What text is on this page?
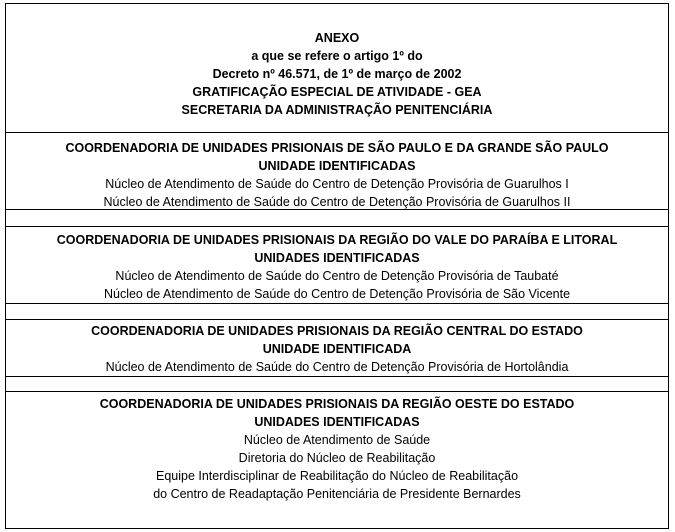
ANEXO
a que se refere o artigo 1º do
Decreto nº 46.571, de 1º de março de 2002
GRATIFICAÇÃO ESPECIAL DE ATIVIDADE - GEA
SECRETARIA DA ADMINISTRAÇÃO PENITENCIÁRIA
COORDENADORIA DE UNIDADES PRISIONAIS DE SÃO PAULO E DA GRANDE SÃO PAULO
UNIDADE IDENTIFICADAS
Núcleo de Atendimento de Saúde do Centro de Detenção Provisória de Guarulhos I
Núcleo de Atendimento de Saúde do Centro de Detenção Provisória de Guarulhos II
COORDENADORIA DE UNIDADES PRISIONAIS DA REGIÃO DO VALE DO PARAÍBA E LITORAL
UNIDADES IDENTIFICADAS
Núcleo de Atendimento de Saúde do Centro de Detenção Provisória de Taubaté
Núcleo de Atendimento de Saúde do Centro de Detenção Provisória de São Vicente
COORDENADORIA DE UNIDADES PRISIONAIS DA REGIÃO CENTRAL DO ESTADO
UNIDADE IDENTIFICADA
Núcleo de Atendimento de Saúde do Centro de Detenção Provisória de Hortolândia
COORDENADORIA DE UNIDADES PRISIONAIS DA REGIÃO OESTE DO ESTADO
UNIDADES IDENTIFICADAS
Núcleo de Atendimento de Saúde
Diretoria do Núcleo de Reabilitação
Equipe Interdisciplinar de Reabilitação do Núcleo de Reabilitação
do Centro de Readaptação Penitenciária de Presidente Bernardes
